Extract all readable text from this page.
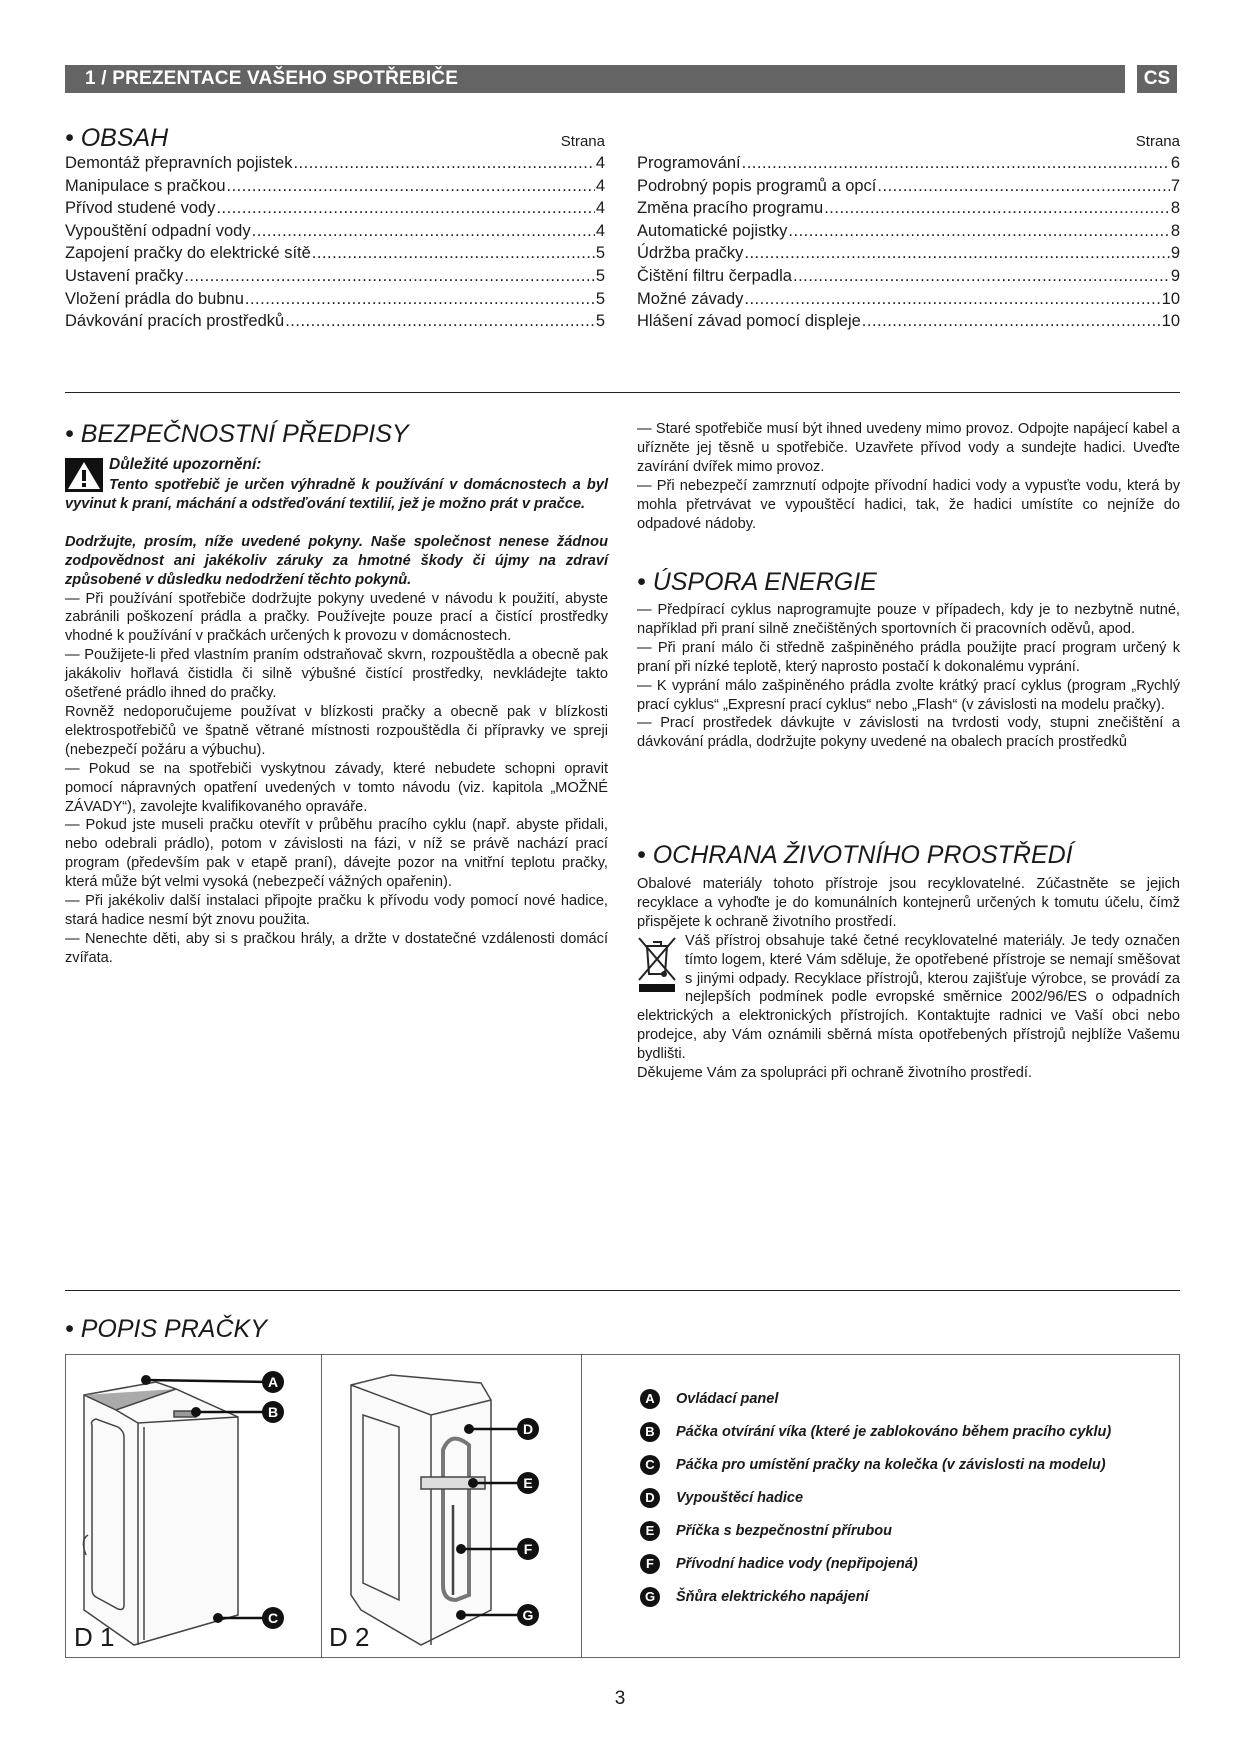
1 / PREZENTACE VAŠEHO SPOTŘEBIČE	CS
• OBSAH	Strana
Demontáž přepravních pojistek .....	4
Manipulace s pračkou .....	4
Přívod studené vody .....	4
Vypouštění odpadní vody .....	4
Zapojení pračky do elektrické sítě .....	5
Ustavení pračky .....	5
Vložení prádla do bubnu .....	5
Dávkování pracích prostředků .....	5
Strana
Programování .....	6
Podrobný popis programů a opcí .....	7
Změna pracího programu .....	8
Automatické pojistky .....	8
Údržba pračky .....	9
Čištění filtru čerpadla .....	9
Možné závady .....	10
Hlášení závad pomocí displeje .....	10
• BEZPEČNOSTNÍ PŘEDPISY

Důležité upozornění:

Tento spotřebič je určen výhradně k používání v domácnostech a byl vyvinut k praní, máchání a odstřeďování textilií, jež je možno prát v pračce.

Dodržujte, prosím, níže uvedené pokyny. Naše společnost nenese žádnou zodpovědnost ani jakékoliv záruky za hmotné škody či újmy na zdraví způsobené v důsledku nedodržení těchto pokynů.

— Při používání spotřebiče dodržujte pokyny uvedené v návodu k použití, abyste zabránili poškození prádla a pračky. Používejte pouze prací a čistící prostředky vhodné k používání v pračkách určených k provozu v domácnostech.

— Použijete-li před vlastním praním odstraňovač skvrn, rozpouštědla a obecně pak jakákoliv hořlavá čistidla či silně výbušné čistící prostředky, nevkládejte takto ošetřené prádlo ihned do pračky.

Rovněž nedoporučujeme používat v blízkosti pračky a obecně pak v blízkosti elektrospotřebičů ve špatně větrané místnosti rozpouštědla či přípravky ve spreji (nebezpečí požáru a výbuchu).

— Pokud se na spotřebiči vyskytnou závady, které nebudete schopni opravit pomocí nápravných opatření uvedených v tomto návodu (viz. kapitola „MOŽNÉ ZÁVADY“), zavolejte kvalifikovaného opraváře.

— Pokud jste museli pračku otevřít v průběhu pracího cyklu (např. abyste přidali, nebo odebrali prádlo), potom v závislosti na fázi, v níž se právě nachází prací program (především pak v etapě praní), dávejte pozor na vnitřní teplotu pračky, která může být velmi vysoká (nebezpečí vážných opařenin).

— Při jakékoliv další instalaci připojte pračku k přívodu vody pomocí nové hadice, stará hadice nesmí být znovu použita.

— Nenechte děti, aby si s pračkou hrály, a držte v dostatečné vzdálenosti domácí zvířata.

— Staré spotřebiče musí být ihned uvedeny mimo provoz. Odpojte napájecí kabel a uřízněte jej těsně u spotřebiče. Uzavřete přívod vody a sundejte hadici. Uveďte zavírání dvířek mimo provoz.

— Při nebezpečí zamrznutí odpojte přívodní hadici vody a vypusťte vodu, která by mohla přetrvávat ve vypouštěcí hadici, tak, že hadici umístíte co nejníže do odpadové nádoby.

• ÚSPORA ENERGIE

— Předpírací cyklus naprogramujte pouze v případech, kdy je to nezbytně nutné, například při praní silně znečištěných sportovních či pracovních oděvů, apod.

— Při praní málo či středně zašpiněného prádla použijte prací program určený k praní při nízké teplotě, který naprosto postačí k dokonalému vyprání.

— K vyprání málo zašpiněného prádla zvolte krátký prací cyklus (program „Rychlý prací cyklus“ „Expresní prací cyklus“ nebo „Flash“ (v závislosti na modelu pračky).

— Prací prostředek dávkujte v závislosti na tvrdosti vody, stupni znečištění a dávkování prádla, dodržujte pokyny uvedené na obalech pracích prostředků

• OCHRANA ŽIVOTNÍHO PROSTŘEDÍ

Obalové materiály tohoto přístroje jsou recyklovatelné. Zúčastněte se jejich recyklace a vyhoďte je do komunálních kontejnerů určených k tomutu účelu, čímž přispějete k ochraně životního prostředí.

Váš přístroj obsahuje také četné recyklovatelné materiály. Je tedy označen tímto logem, které Vám sděluje, že opotřebené přístroje se nemají směšovat s jinými odpady. Recyklace přístrojů, kterou zajišťuje výrobce, se provádí za nejlepších podmínek podle evropské směrnice 2002/96/ES o odpadních elektrických a elektronických přístrojích. Kontaktujte radnici ve Vaší obci nebo prodejce, aby Vám oznámili sběrná místa opotřebených přístrojů nejblíže Vašemu bydlišti.

Děkujeme Vám za spolupráci při ochraně životního prostředí.

• POPIS PRAČKY
A
B
C
D 1
D
E
F
G
D 2
A	Ovládací panel
B	Páčka otvírání víka (které je zablokováno během pracího cyklu)
C	Páčka pro umístění pračky na kolečka (v závislosti na modelu)
D	Vypouštěcí hadice
E	Příčka s bezpečnostní přírubou
F	Přívodní hadice vody (nepřipojená)
G	Šňůra elektrického napájení
3
